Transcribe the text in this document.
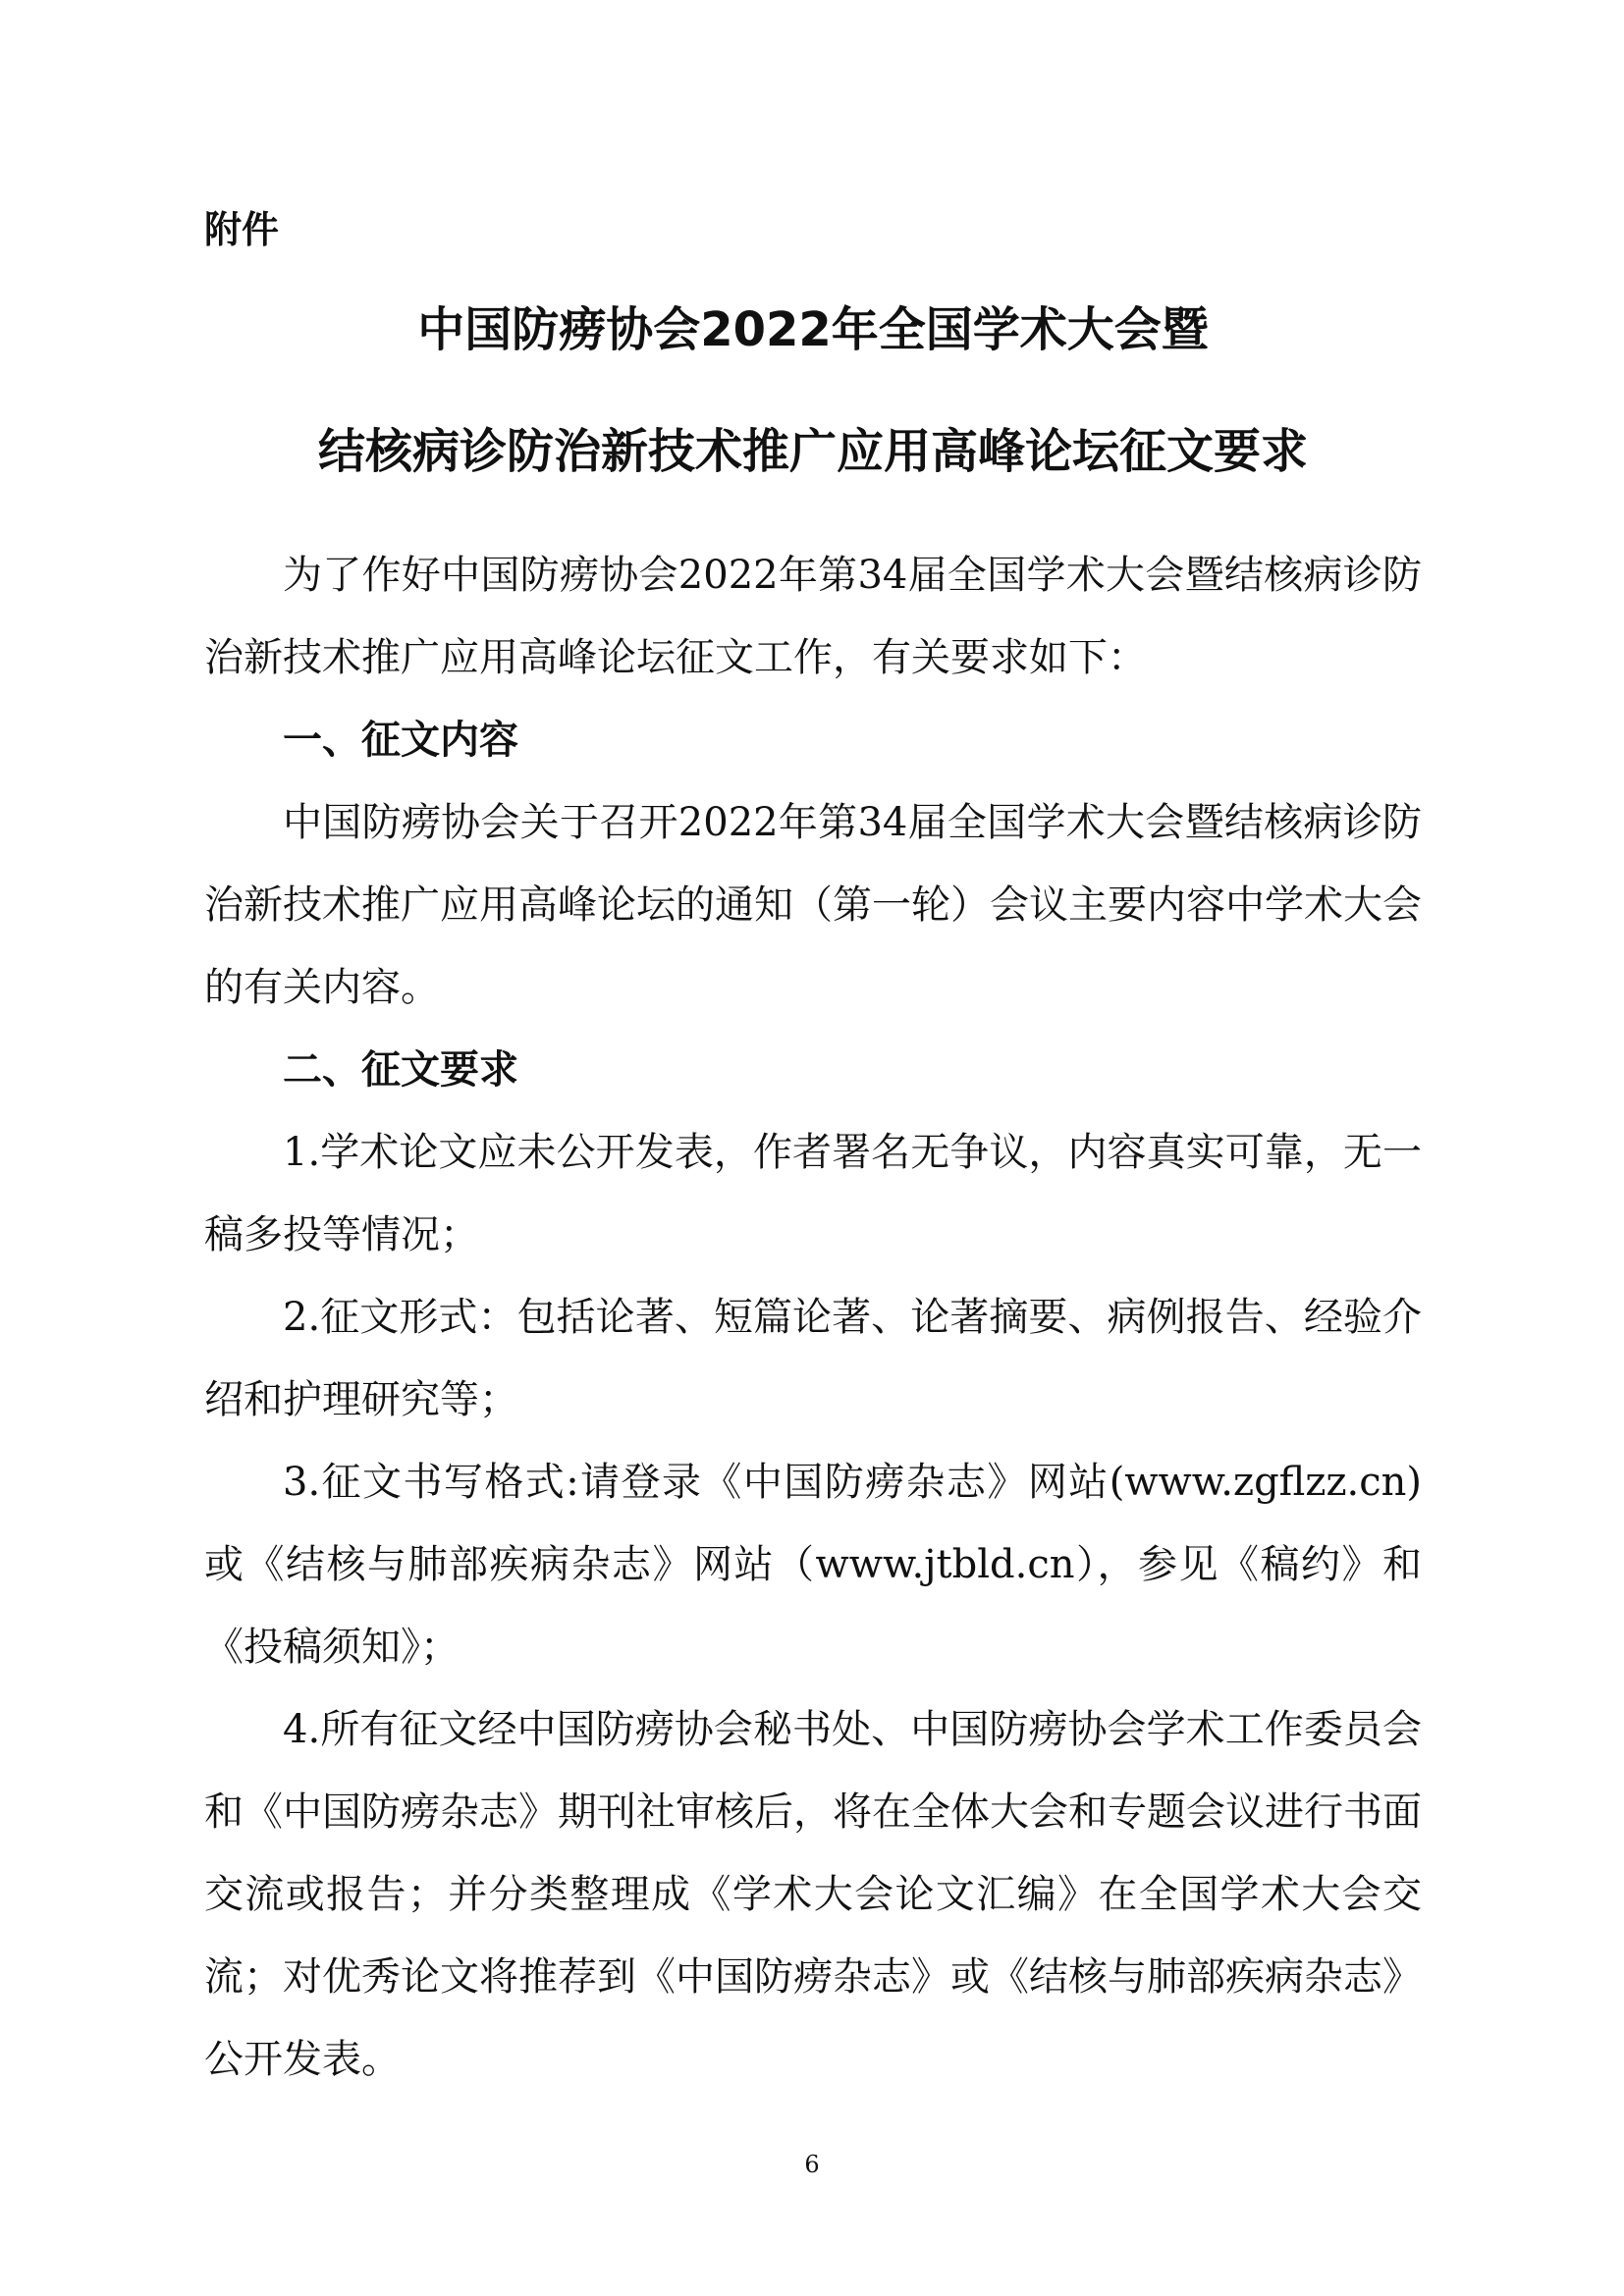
附件
中国防痨协会2022年全国学术大会暨
结核病诊防治新技术推广应用高峰论坛征文要求

为了作好中国防痨协会2022年第34届全国学术大会暨结核病诊防治新技术推广应用高峰论坛征文工作，有关要求如下：

一、征文内容

中国防痨协会关于召开2022年第34届全国学术大会暨结核病诊防治新技术推广应用高峰论坛的通知（第一轮）会议主要内容中学术大会的有关内容。

二、征文要求

1.学术论文应未公开发表，作者署名无争议，内容真实可靠，无一稿多投等情况；

2.征文形式：包括论著、短篇论著、论著摘要、病例报告、经验介绍和护理研究等；

3.征文书写格式:请登录《中国防痨杂志》网站(www.zgflzz.cn)或《结核与肺部疾病杂志》网站（www.jtbld.cn），参见《稿约》和《投稿须知》；

4.所有征文经中国防痨协会秘书处、中国防痨协会学术工作委员会和《中国防痨杂志》期刊社审核后，将在全体大会和专题会议进行书面交流或报告；并分类整理成《学术大会论文汇编》在全国学术大会交流；对优秀论文将推荐到《中国防痨杂志》或《结核与肺部疾病杂志》公开发表。

6
